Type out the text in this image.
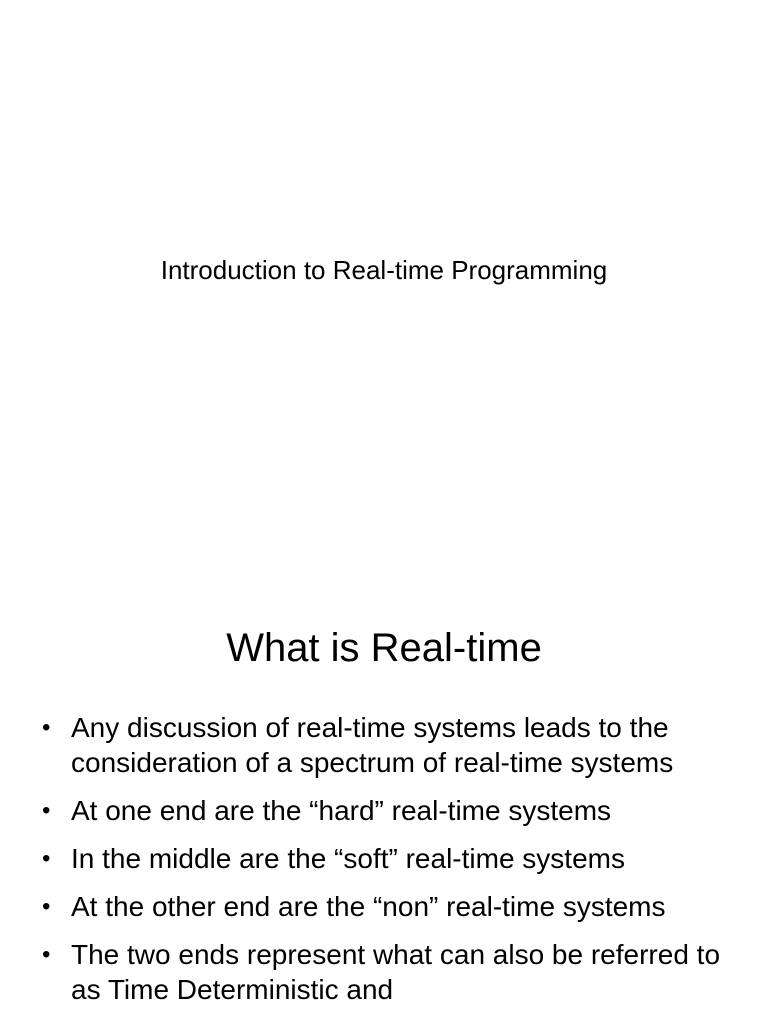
Introduction to Real-time Programming
What is Real-time
• Any discussion of real-time systems leads to the consideration of a spectrum of real-time systems
• At one end are the “hard” real-time systems
• In the middle are the “soft” real-time systems
• At the other end are the “non” real-time systems
• The two ends represent what can also be referred to as Time Deterministic and
